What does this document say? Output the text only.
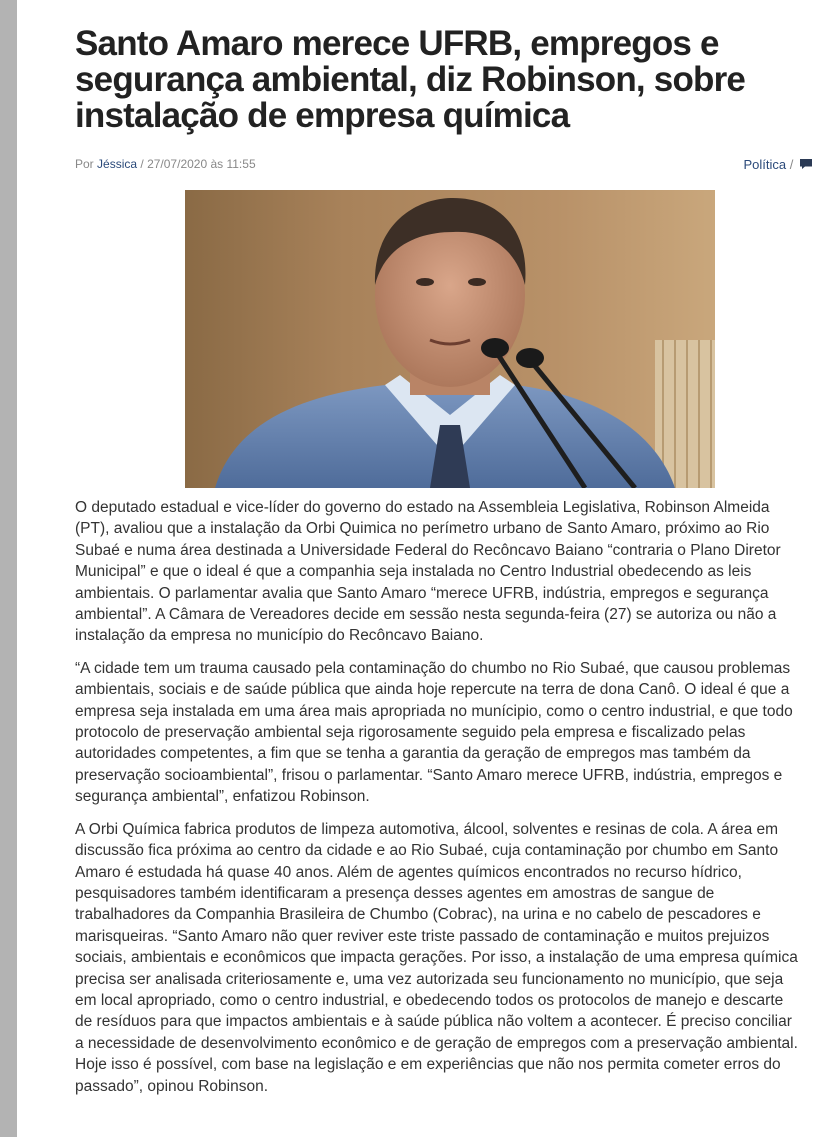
Santo Amaro merece UFRB, empregos e segurança ambiental, diz Robinson, sobre instalação de empresa química
Por Jéssica / 27/07/2020 às 11:55	Política /

O deputado estadual e vice-líder do governo do estado na Assembleia Legislativa, Robinson Almeida
(PT), avaliou que a instalação da Orbi Quimica no perímetro urbano de Santo Amaro, próximo ao Rio
Subaé e numa área destinada a Universidade Federal do Recôncavo Baiano “contraria o Plano Diretor
Municipal” e que o ideal é que a companhia seja instalada no Centro Industrial obedecendo as leis
ambientais. O parlamentar avalia que Santo Amaro “merece UFRB, indústria, empregos e segurança
ambiental”. A Câmara de Vereadores decide em sessão nesta segunda-feira (27) se autoriza ou não a
instalação da empresa no município do Recôncavo Baiano.

“A cidade tem um trauma causado pela contaminação do chumbo no Rio Subaé, que causou problemas
ambientais, sociais e de saúde pública que ainda hoje repercute na terra de dona Canô. O ideal é que a
empresa seja instalada em uma área mais apropriada no munícipio, como o centro industrial, e que todo
protocolo de preservação ambiental seja rigorosamente seguido pela empresa e fiscalizado pelas
autoridades competentes, a fim que se tenha a garantia da geração de empregos mas também da
preservação socioambiental”, frisou o parlamentar. “Santo Amaro merece UFRB, indústria, empregos e
segurança ambiental”, enfatizou Robinson.

A Orbi Química fabrica produtos de limpeza automotiva, álcool, solventes e resinas de cola. A área em
discussão fica próxima ao centro da cidade e ao Rio Subaé, cuja contaminação por chumbo em Santo
Amaro é estudada há quase 40 anos. Além de agentes químicos encontrados no recurso hídrico,
pesquisadores também identificaram a presença desses agentes em amostras de sangue de
trabalhadores da Companhia Brasileira de Chumbo (Cobrac), na urina e no cabelo de pescadores e
marisqueiras. “Santo Amaro não quer reviver este triste passado de contaminação e muitos prejuizos
sociais, ambientais e econômicos que impacta gerações. Por isso, a instalação de uma empresa química
precisa ser analisada criteriosamente e, uma vez autorizada seu funcionamento no município, que seja
em local apropriado, como o centro industrial, e obedecendo todos os protocolos de manejo e descarte
de resíduos para que impactos ambientais e à saúde pública não voltem a acontecer. É preciso conciliar
a necessidade de desenvolvimento econômico e de geração de empregos com a preservação ambiental.
Hoje isso é possível, com base na legislação e em experiências que não nos permita cometer erros do
passado”, opinou Robinson.
